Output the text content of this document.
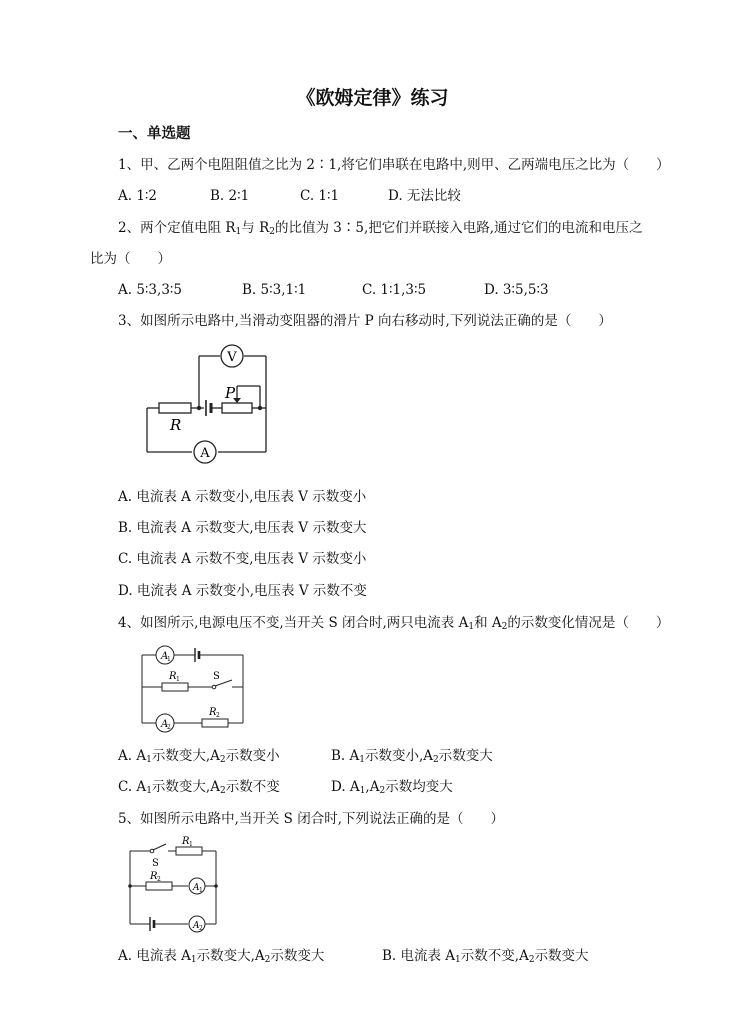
《欧姆定律》练习
一、单选题
1、甲、乙两个电阻阻值之比为 2∶1,将它们串联在电路中,则甲、乙两端电压之比为（　　）
A. 1∶2	B. 2∶1	C. 1∶1	D. 无法比较
2、两个定值电阻 $R_1$与 $R_2$的比值为 3∶5,把它们并联接入电路,通过它们的电流和电压之
比为（　　）
A. 5∶3,3∶5	B. 5∶3,1∶1	C. 1∶1,3∶5	D. 3∶5,5∶3
3、如图所示电路中,当滑动变阻器的滑片 P 向右移动时,下列说法正确的是（　　）
V
P
R
A
A. 电流表 A 示数变小,电压表 V 示数变小
B. 电流表 A 示数变大,电压表 V 示数变大
C. 电流表 A 示数不变,电压表 V 示数变小
D. 电流表 A 示数变小,电压表 V 示数不变
4、如图所示,电源电压不变,当开关 S 闭合时,两只电流表 $A_1$和 $A_2$的示数变化情况是（　　）
A
1
R 1	S
A
2
R 2
A. $A_1$示数变大$,A_2$示数变小	B. $A_1$示数变小$,A_2$示数变大
C. $A_1$示数变大$,A_2$示数不变	D. $A_1,A_2$示数均变大
5、如图所示电路中,当开关 S 闭合时,下列说法正确的是（　　）
R 1
S
R 2
A 1
A 2
A. 电流表 $A_1$示数变大$,A_2$示数变大	B. 电流表 $A_1$示数不变$,A_2$示数变大
